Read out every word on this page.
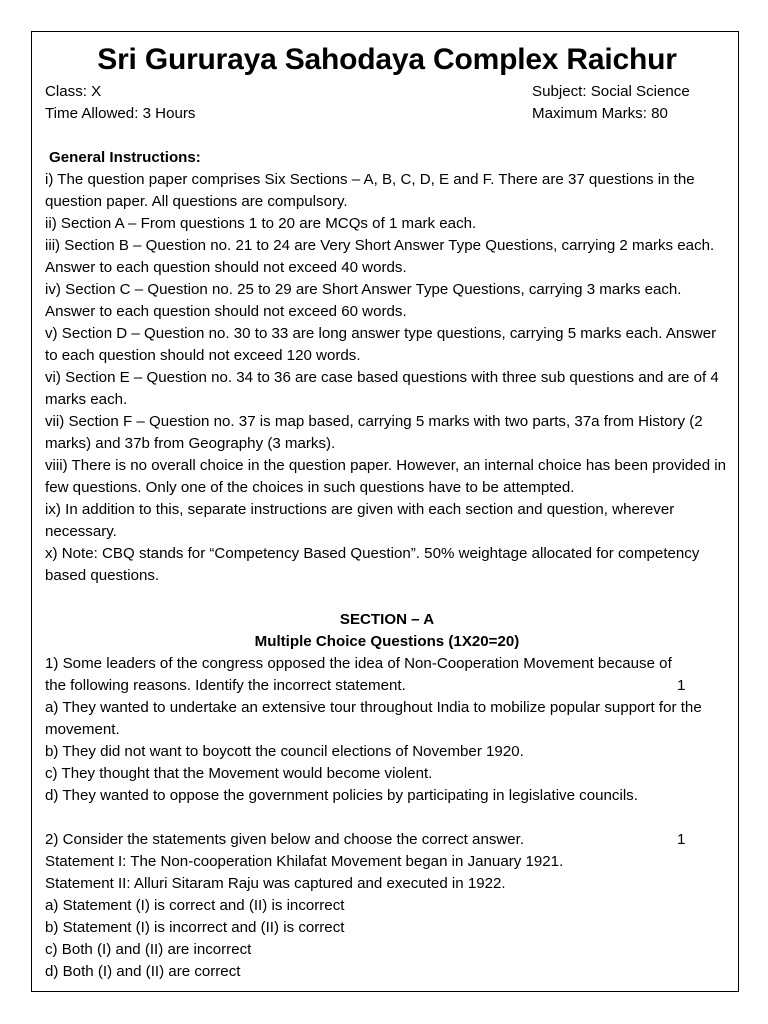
Sri Gururaya Sahodaya Complex Raichur
Class: X	Subject: Social Science
Time Allowed: 3 Hours	Maximum Marks: 80
General Instructions:

i) The question paper comprises Six Sections – A, B, C, D, E and F. There are 37 questions in the question paper. All questions are compulsory.

ii) Section A – From questions 1 to 20 are MCQs of 1 mark each.

iii) Section B – Question no. 21 to 24 are Very Short Answer Type Questions, carrying 2 marks each. Answer to each question should not exceed 40 words.

iv) Section C – Question no. 25 to 29 are Short Answer Type Questions, carrying 3 marks each. Answer to each question should not exceed 60 words.

v) Section D – Question no. 30 to 33 are long answer type questions, carrying 5 marks each. Answer to each question should not exceed 120 words.

vi) Section E – Question no. 34 to 36 are case based questions with three sub questions and are of 4 marks each.

vii) Section F – Question no. 37 is map based, carrying 5 marks with two parts, 37a from History (2 marks) and 37b from Geography (3 marks).

viii) There is no overall choice in the question paper. However, an internal choice has been provided in few questions. Only one of the choices in such questions have to be attempted.

ix) In addition to this, separate instructions are given with each section and question, wherever necessary.

x) Note: CBQ stands for “Competency Based Question”. 50% weightage allocated for competency based questions.

SECTION – A
Multiple Choice Questions (1X20=20)
1) Some leaders of the congress opposed the idea of Non-Cooperation Movement because of
the following reasons. Identify the incorrect statement.	1

a) They wanted to undertake an extensive tour throughout India to mobilize popular support for the movement.

b) They did not want to boycott the council elections of November 1920.

c) They thought that the Movement would become violent.

d) They wanted to oppose the government policies by participating in legislative councils.

2) Consider the statements given below and choose the correct answer.	1

Statement I: The Non-cooperation Khilafat Movement began in January 1921.

Statement II: Alluri Sitaram Raju was captured and executed in 1922.

a) Statement (I) is correct and (II) is incorrect

b) Statement (I) is incorrect and (II) is correct

c) Both (I) and (II) are incorrect

d) Both (I) and (II) are correct
